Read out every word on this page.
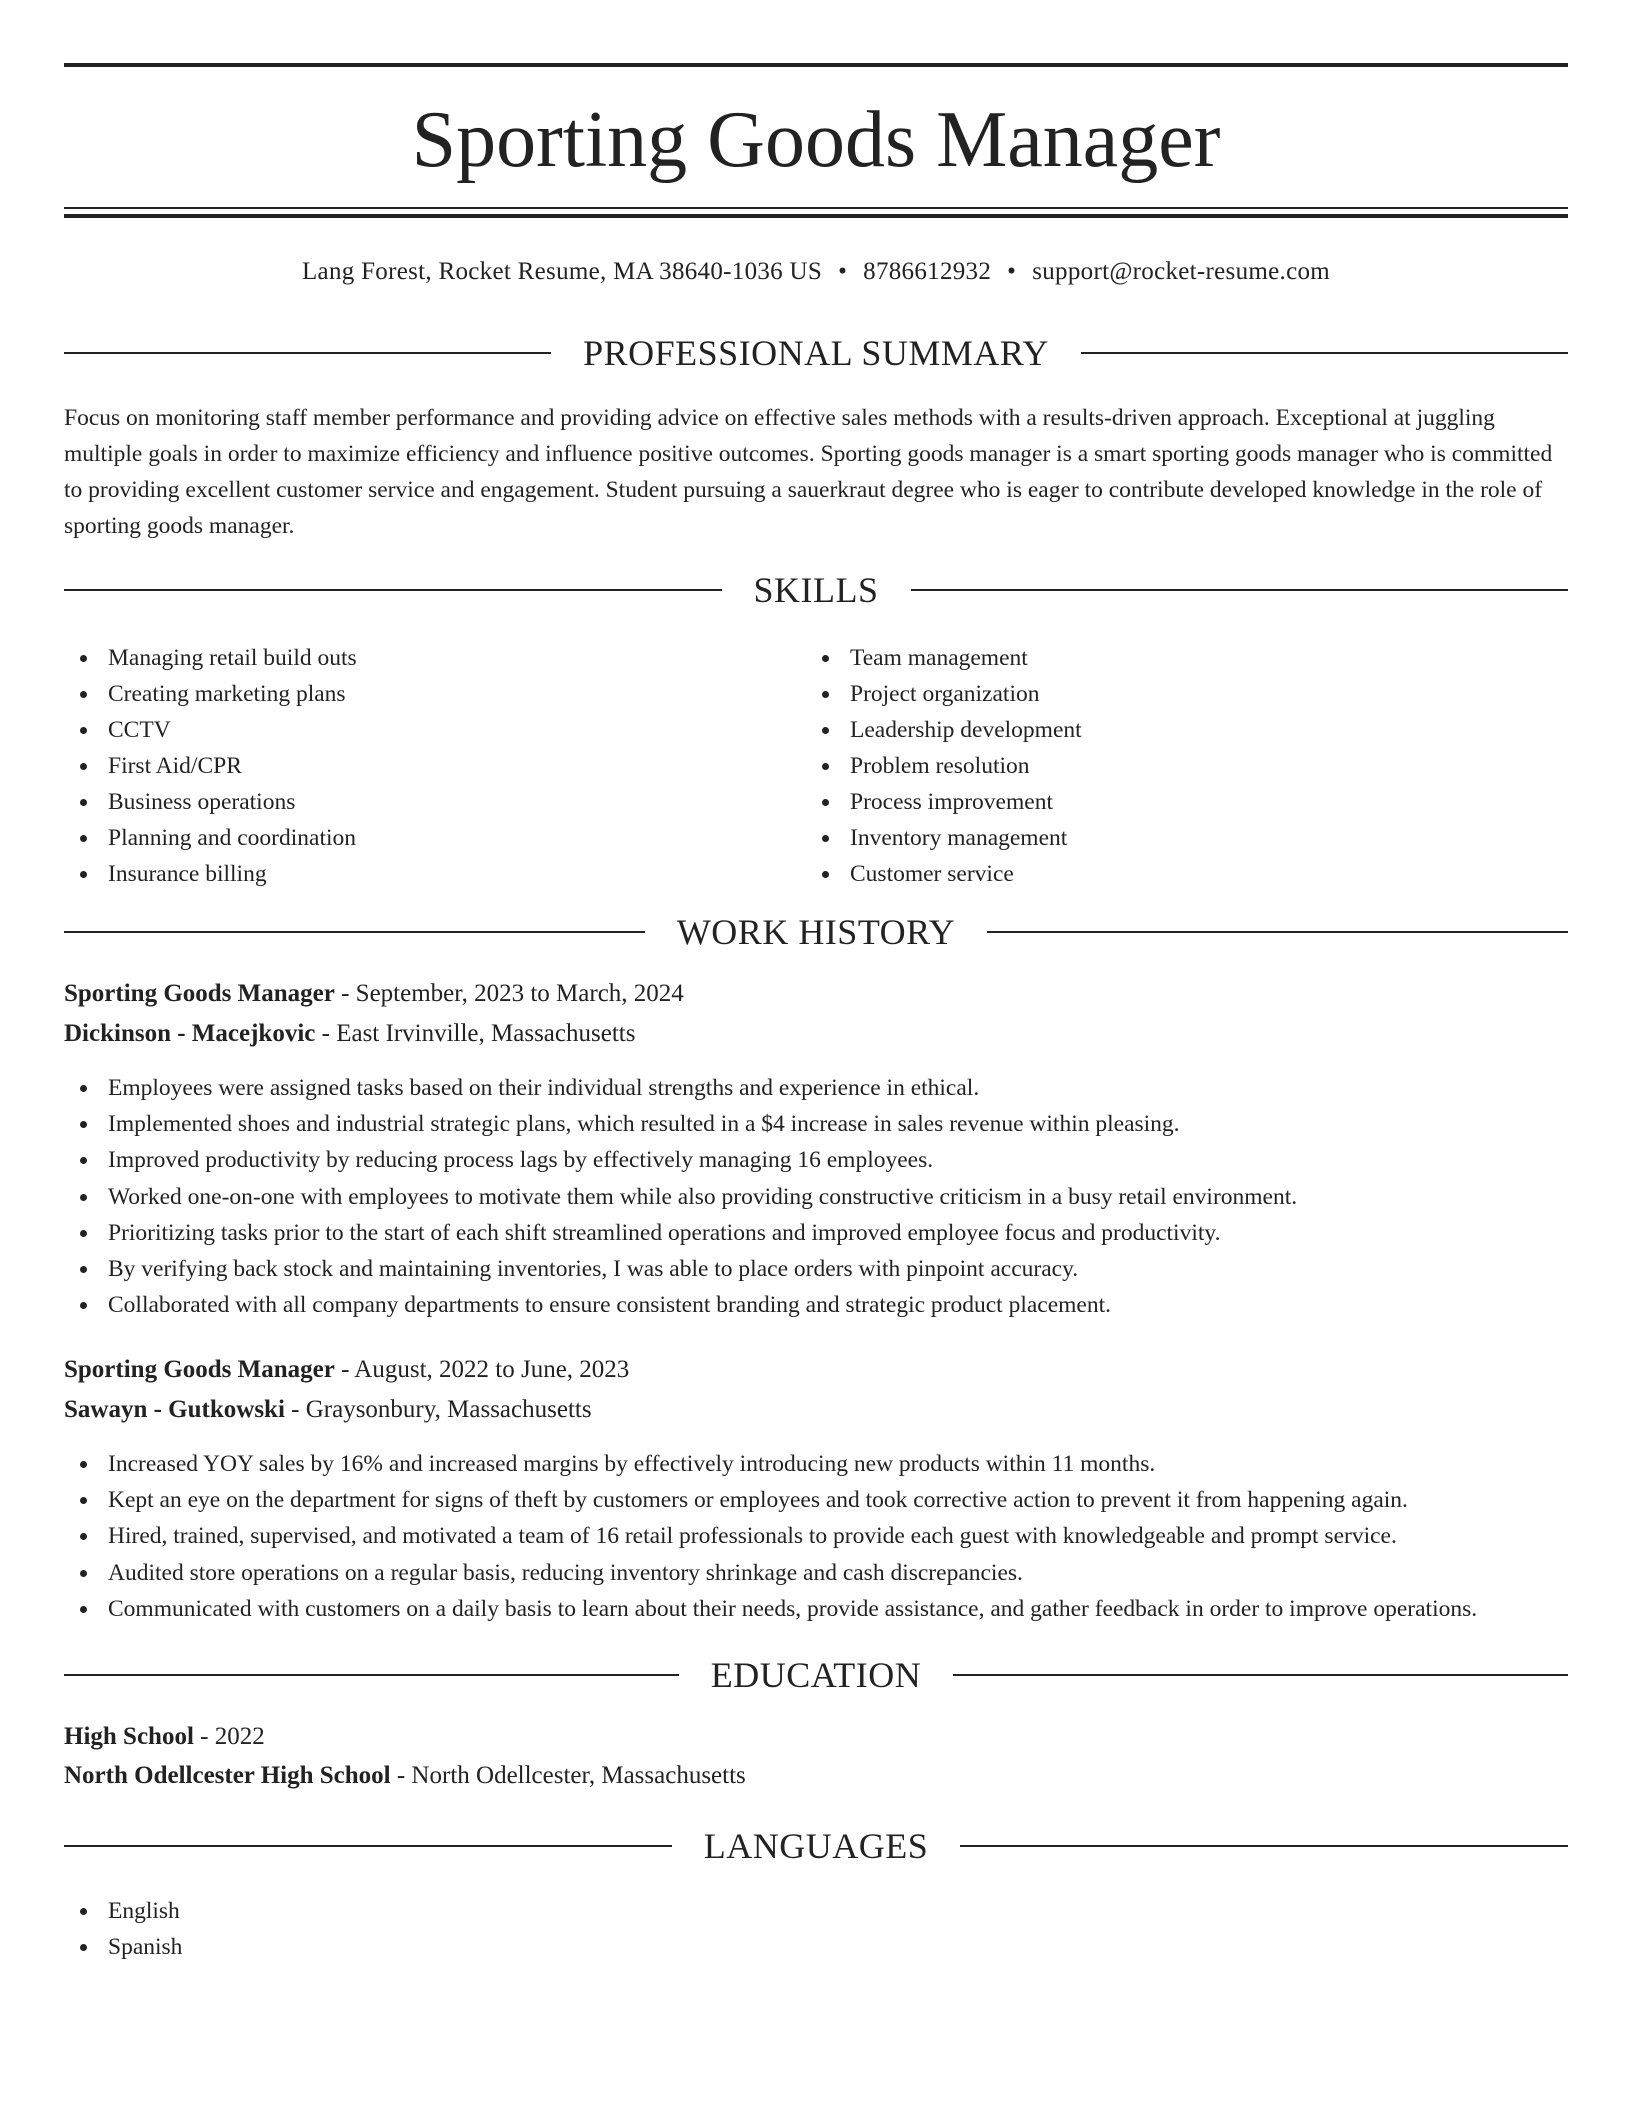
Sporting Goods Manager
Lang Forest, Rocket Resume, MA 38640-1036 US • 8786612932 • support@rocket-resume.com
PROFESSIONAL SUMMARY
Focus on monitoring staff member performance and providing advice on effective sales methods with a results-driven approach. Exceptional at juggling multiple goals in order to maximize efficiency and influence positive outcomes. Sporting goods manager is a smart sporting goods manager who is committed to providing excellent customer service and engagement. Student pursuing a sauerkraut degree who is eager to contribute developed knowledge in the role of sporting goods manager.
SKILLS
Managing retail build outs
Creating marketing plans
CCTV
First Aid/CPR
Business operations
Planning and coordination
Insurance billing
Team management
Project organization
Leadership development
Problem resolution
Process improvement
Inventory management
Customer service
WORK HISTORY
Sporting Goods Manager - September, 2023 to March, 2024
Dickinson - Macejkovic - East Irvinville, Massachusetts
Employees were assigned tasks based on their individual strengths and experience in ethical.
Implemented shoes and industrial strategic plans, which resulted in a $4 increase in sales revenue within pleasing.
Improved productivity by reducing process lags by effectively managing 16 employees.
Worked one-on-one with employees to motivate them while also providing constructive criticism in a busy retail environment.
Prioritizing tasks prior to the start of each shift streamlined operations and improved employee focus and productivity.
By verifying back stock and maintaining inventories, I was able to place orders with pinpoint accuracy.
Collaborated with all company departments to ensure consistent branding and strategic product placement.
Sporting Goods Manager - August, 2022 to June, 2023
Sawayn - Gutkowski - Graysonbury, Massachusetts
Increased YOY sales by 16% and increased margins by effectively introducing new products within 11 months.
Kept an eye on the department for signs of theft by customers or employees and took corrective action to prevent it from happening again.
Hired, trained, supervised, and motivated a team of 16 retail professionals to provide each guest with knowledgeable and prompt service.
Audited store operations on a regular basis, reducing inventory shrinkage and cash discrepancies.
Communicated with customers on a daily basis to learn about their needs, provide assistance, and gather feedback in order to improve operations.
EDUCATION
High School - 2022
North Odellcester High School - North Odellcester, Massachusetts
LANGUAGES
English
Spanish
